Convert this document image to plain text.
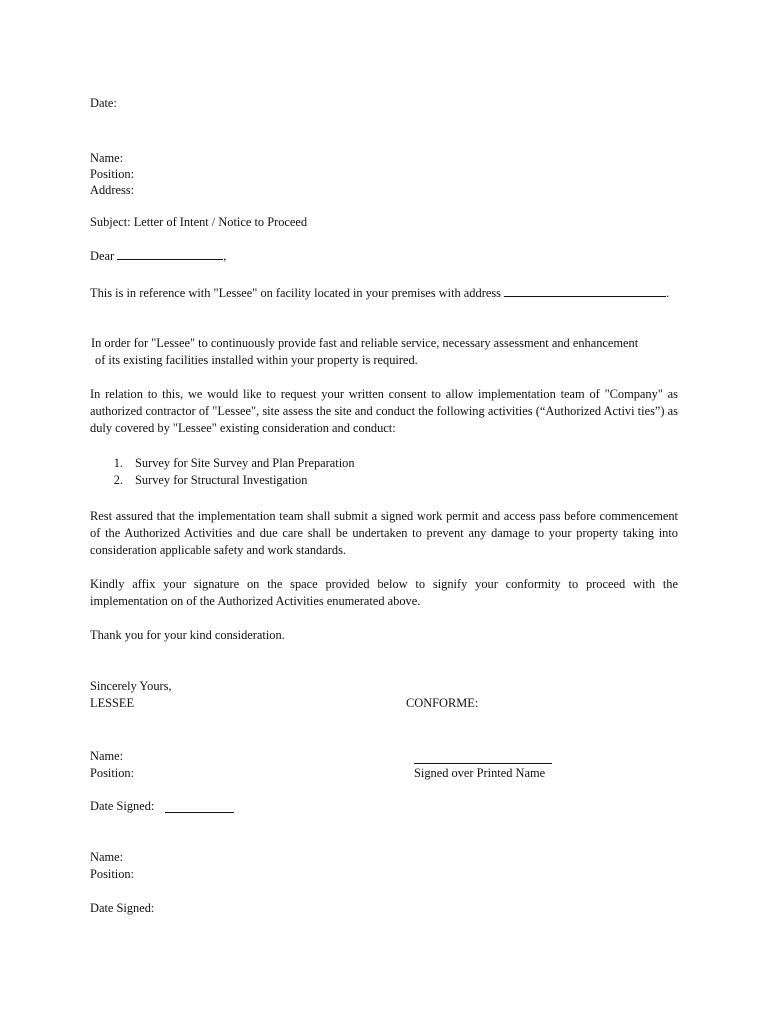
Date:
Name:
Position:
Address:
Subject: Letter of Intent / Notice to Proceed
Dear	,
This is in reference with "Lessee" on facility located in your premises with address	.
In order for "Lessee" to continuously provide fast and reliable service, necessary assessment and enhancement
of its existing facilities installed within your property is required.
In relation to this, we would like to request your written consent to allow implementation team of "Company" as authorized contractor of "Lessee", site assess the site and conduct the following activities (“Authorized Activi ties”) as duly covered by "Lessee" existing consideration and conduct:
1. Survey for Site Survey and Plan Preparation
2. Survey for Structural Investigation
Rest assured that the implementation team shall submit a signed work permit and access pass before commencement of the Authorized Activities and due care shall be undertaken to prevent any damage to your property taking into consideration applicable safety and work standards.
Kindly affix your signature on the space provided below to signify your conformity to proceed with the implementation on of the Authorized Activities enumerated above.
Thank you for your kind consideration.
Sincerely Yours,
LESSEE	CONFORME:
Name:
Position:	Signed over Printed Name
Date Signed:
Name:
Position:
Date Signed:
